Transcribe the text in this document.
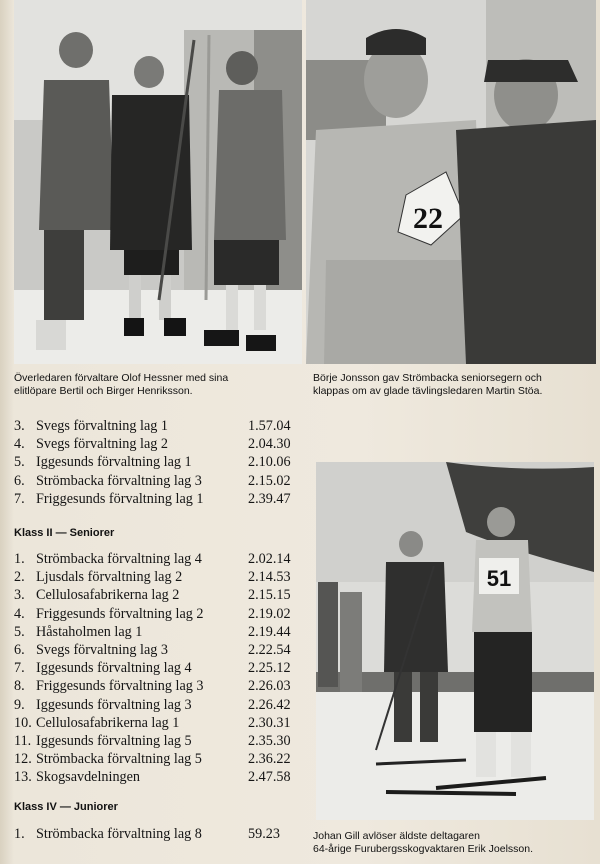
Överledaren förvaltare Olof Hessner med sina
elitlöpare Bertil och Birger Henriksson.
22
Börje Jonsson gav Strömbacka seniorsegern och
klappas om av glade tävlingsledaren Martin Stöa.
51
Johan Gill avlöser äldste deltagaren
64-årige Furubergsskogvaktaren Erik Joelsson.
3. Svegs förvaltning lag 1	1.57.04
4. Svegs förvaltning lag 2	2.04.30
5. Iggesunds förvaltning lag 1	2.10.06
6. Strömbacka förvaltning lag 3	2.15.02
7. Friggesunds förvaltning lag 1	2.39.47
Klass II — Seniorer
1. Strömbacka förvaltning lag 4	2.02.14
2. Ljusdals förvaltning lag 2	2.14.53
3. Cellulosafabrikerna lag 2	2.15.15
4. Friggesunds förvaltning lag 2	2.19.02
5. Håstaholmen lag 1	2.19.44
6. Svegs förvaltning lag 3	2.22.54
7. Iggesunds förvaltning lag 4	2.25.12
8. Friggesunds förvaltning lag 3	2.26.03
9. Iggesunds förvaltning lag 3	2.26.42
10. Cellulosafabrikerna lag 1	2.30.31
11. Iggesunds förvaltning lag 5	2.35.30
12. Strömbacka förvaltning lag 5	2.36.22
13. Skogsavdelningen	2.47.58
Klass IV — Juniorer
1. Strömbacka förvaltning lag 8	59.23
